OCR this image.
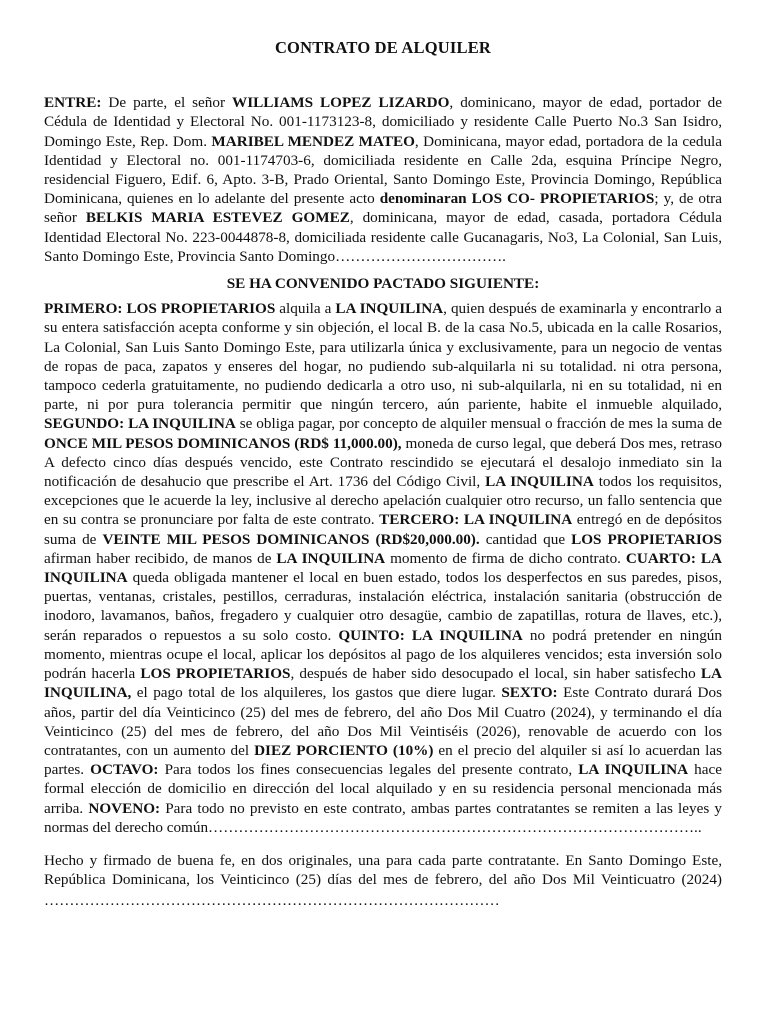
CONTRATO DE ALQUILER

ENTRE: De parte, el señor WILLIAMS LOPEZ LIZARDO, dominicano, mayor de edad, portador de Cédula de Identidad y Electoral No. 001-1173123-8, domiciliado y residente Calle Puerto No.3 San Isidro, Domingo Este, Rep. Dom. MARIBEL MENDEZ MATEO, Dominicana, mayor edad, portadora de la cedula Identidad y Electoral no. 001-1174703-6, domiciliada residente en Calle 2da, esquina Príncipe Negro, residencial Figuero, Edif. 6, Apto. 3-B, Prado Oriental, Santo Domingo Este, Provincia Domingo, República Dominicana, quienes en lo adelante del presente acto denominaran LOS CO- PROPIETARIOS; y, de otra señor BELKIS MARIA ESTEVEZ GOMEZ, dominicana, mayor de edad, casada, portadora Cédula Identidad Electoral No. 223-0044878-8, domiciliada residente calle Gucanagaris, No3, La Colonial, San Luis, Santo Domingo Este, Provincia Santo Domingo…………………………….

SE HA CONVENIDO PACTADO SIGUIENTE:

PRIMERO: LOS PROPIETARIOS alquila a LA INQUILINA, quien después de examinarla y encontrarlo a su entera satisfacción acepta conforme y sin objeción, el local B. de la casa No.5, ubicada en la calle Rosarios, La Colonial, San Luis Santo Domingo Este, para utilizarla única y exclusivamente, para un negocio de ventas de ropas de paca, zapatos y enseres del hogar, no pudiendo sub-alquilarla ni su totalidad. ni otra persona, tampoco cederla gratuitamente, no pudiendo dedicarla a otro uso, ni sub-alquilarla, ni en su totalidad, ni en parte, ni por pura tolerancia permitir que ningún tercero, aún pariente, habite el inmueble alquilado, SEGUNDO: LA INQUILINA se obliga pagar, por concepto de alquiler mensual o fracción de mes la suma de ONCE MIL PESOS DOMINICANOS (RD$ 11,000.00), moneda de curso legal, que deberá Dos mes, retraso A defecto cinco días después vencido, este Contrato rescindido se ejecutará el desalojo inmediato sin la notificación de desahucio que prescribe el Art. 1736 del Código Civil, LA INQUILINA todos los requisitos, excepciones que le acuerde la ley, inclusive al derecho apelación cualquier otro recurso, un fallo sentencia que en su contra se pronunciare por falta de este contrato. TERCERO: LA INQUILINA entregó en de depósitos suma de VEINTE MIL PESOS DOMINICANOS (RD$20,000.00). cantidad que LOS PROPIETARIOS afirman haber recibido, de manos de LA INQUILINA momento de firma de dicho contrato. CUARTO: LA INQUILINA queda obligada mantener el local en buen estado, todos los desperfectos en sus paredes, pisos, puertas, ventanas, cristales, pestillos, cerraduras, instalación eléctrica, instalación sanitaria (obstrucción de inodoro, lavamanos, baños, fregadero y cualquier otro desagüe, cambio de zapatillas, rotura de llaves, etc.), serán reparados o repuestos a su solo costo. QUINTO: LA INQUILINA no podrá pretender en ningún momento, mientras ocupe el local, aplicar los depósitos al pago de los alquileres vencidos; esta inversión solo podrán hacerla LOS PROPIETARIOS, después de haber sido desocupado el local, sin haber satisfecho LA INQUILINA, el pago total de los alquileres, los gastos que diere lugar. SEXTO: Este Contrato durará Dos años, partir del día Veinticinco (25) del mes de febrero, del año Dos Mil Cuatro (2024), y terminando el día Veinticinco (25) del mes de febrero, del año Dos Mil Veintiséis (2026), renovable de acuerdo con los contratantes, con un aumento del DIEZ PORCIENTO (10%) en el precio del alquiler si así lo acuerdan las partes. OCTAVO: Para todos los fines consecuencias legales del presente contrato, LA INQUILINA hace formal elección de domicilio en dirección del local alquilado y en su residencia personal mencionada más arriba. NOVENO: Para todo no previsto en este contrato, ambas partes contratantes se remiten a las leyes y normas del derecho común……………………………………………………………………………………..

Hecho y firmado de buena fe, en dos originales, una para cada parte contratante. En Santo Domingo Este, República Dominicana, los Veinticinco (25) días del mes de febrero, del año Dos Mil Veinticuatro (2024)

………………………………………………………………………………
